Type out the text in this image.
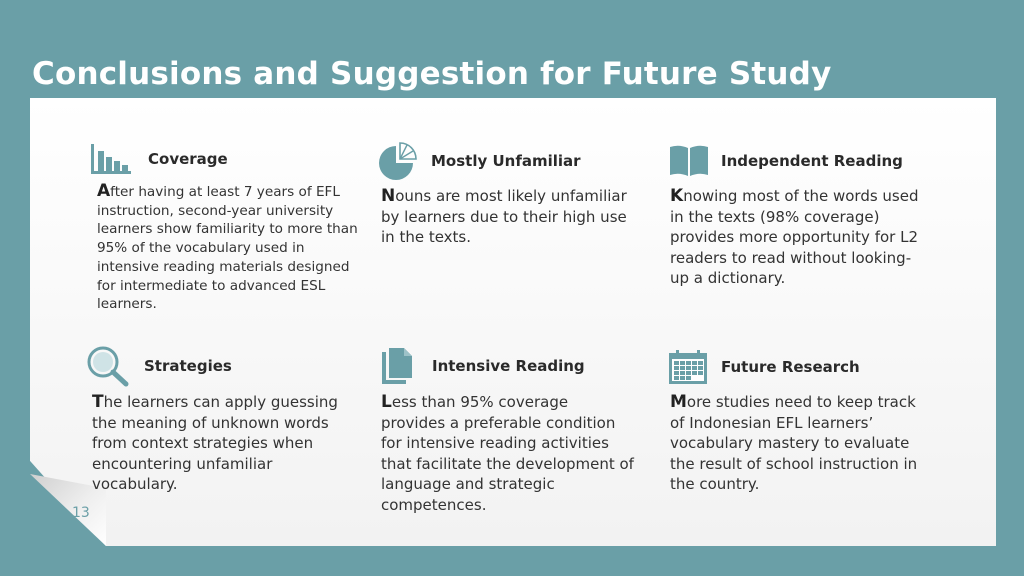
Conclusions and Suggestion for Future Study
13
Coverage

After having at least 7 years of EFL instruction, second-year university learners show familiarity to more than 95% of the vocabulary used in intensive reading materials designed for intermediate to advanced ESL learners.

Mostly Unfamiliar

Nouns are most likely unfamiliar by learners due to their high use in the texts.

Independent Reading

Knowing most of the words used in the texts (98% coverage) provides more opportunity for L2 readers to read without looking-up a dictionary.

Strategies

The learners can apply guessing the meaning of unknown words from context strategies when encountering unfamiliar vocabulary.

Intensive Reading

Less than 95% coverage provides a preferable condition for intensive reading activities that facilitate the development of language and strategic competences.

Future Research

More studies need to keep track of Indonesian EFL learners’ vocabulary mastery to evaluate the result of school instruction in the country.
